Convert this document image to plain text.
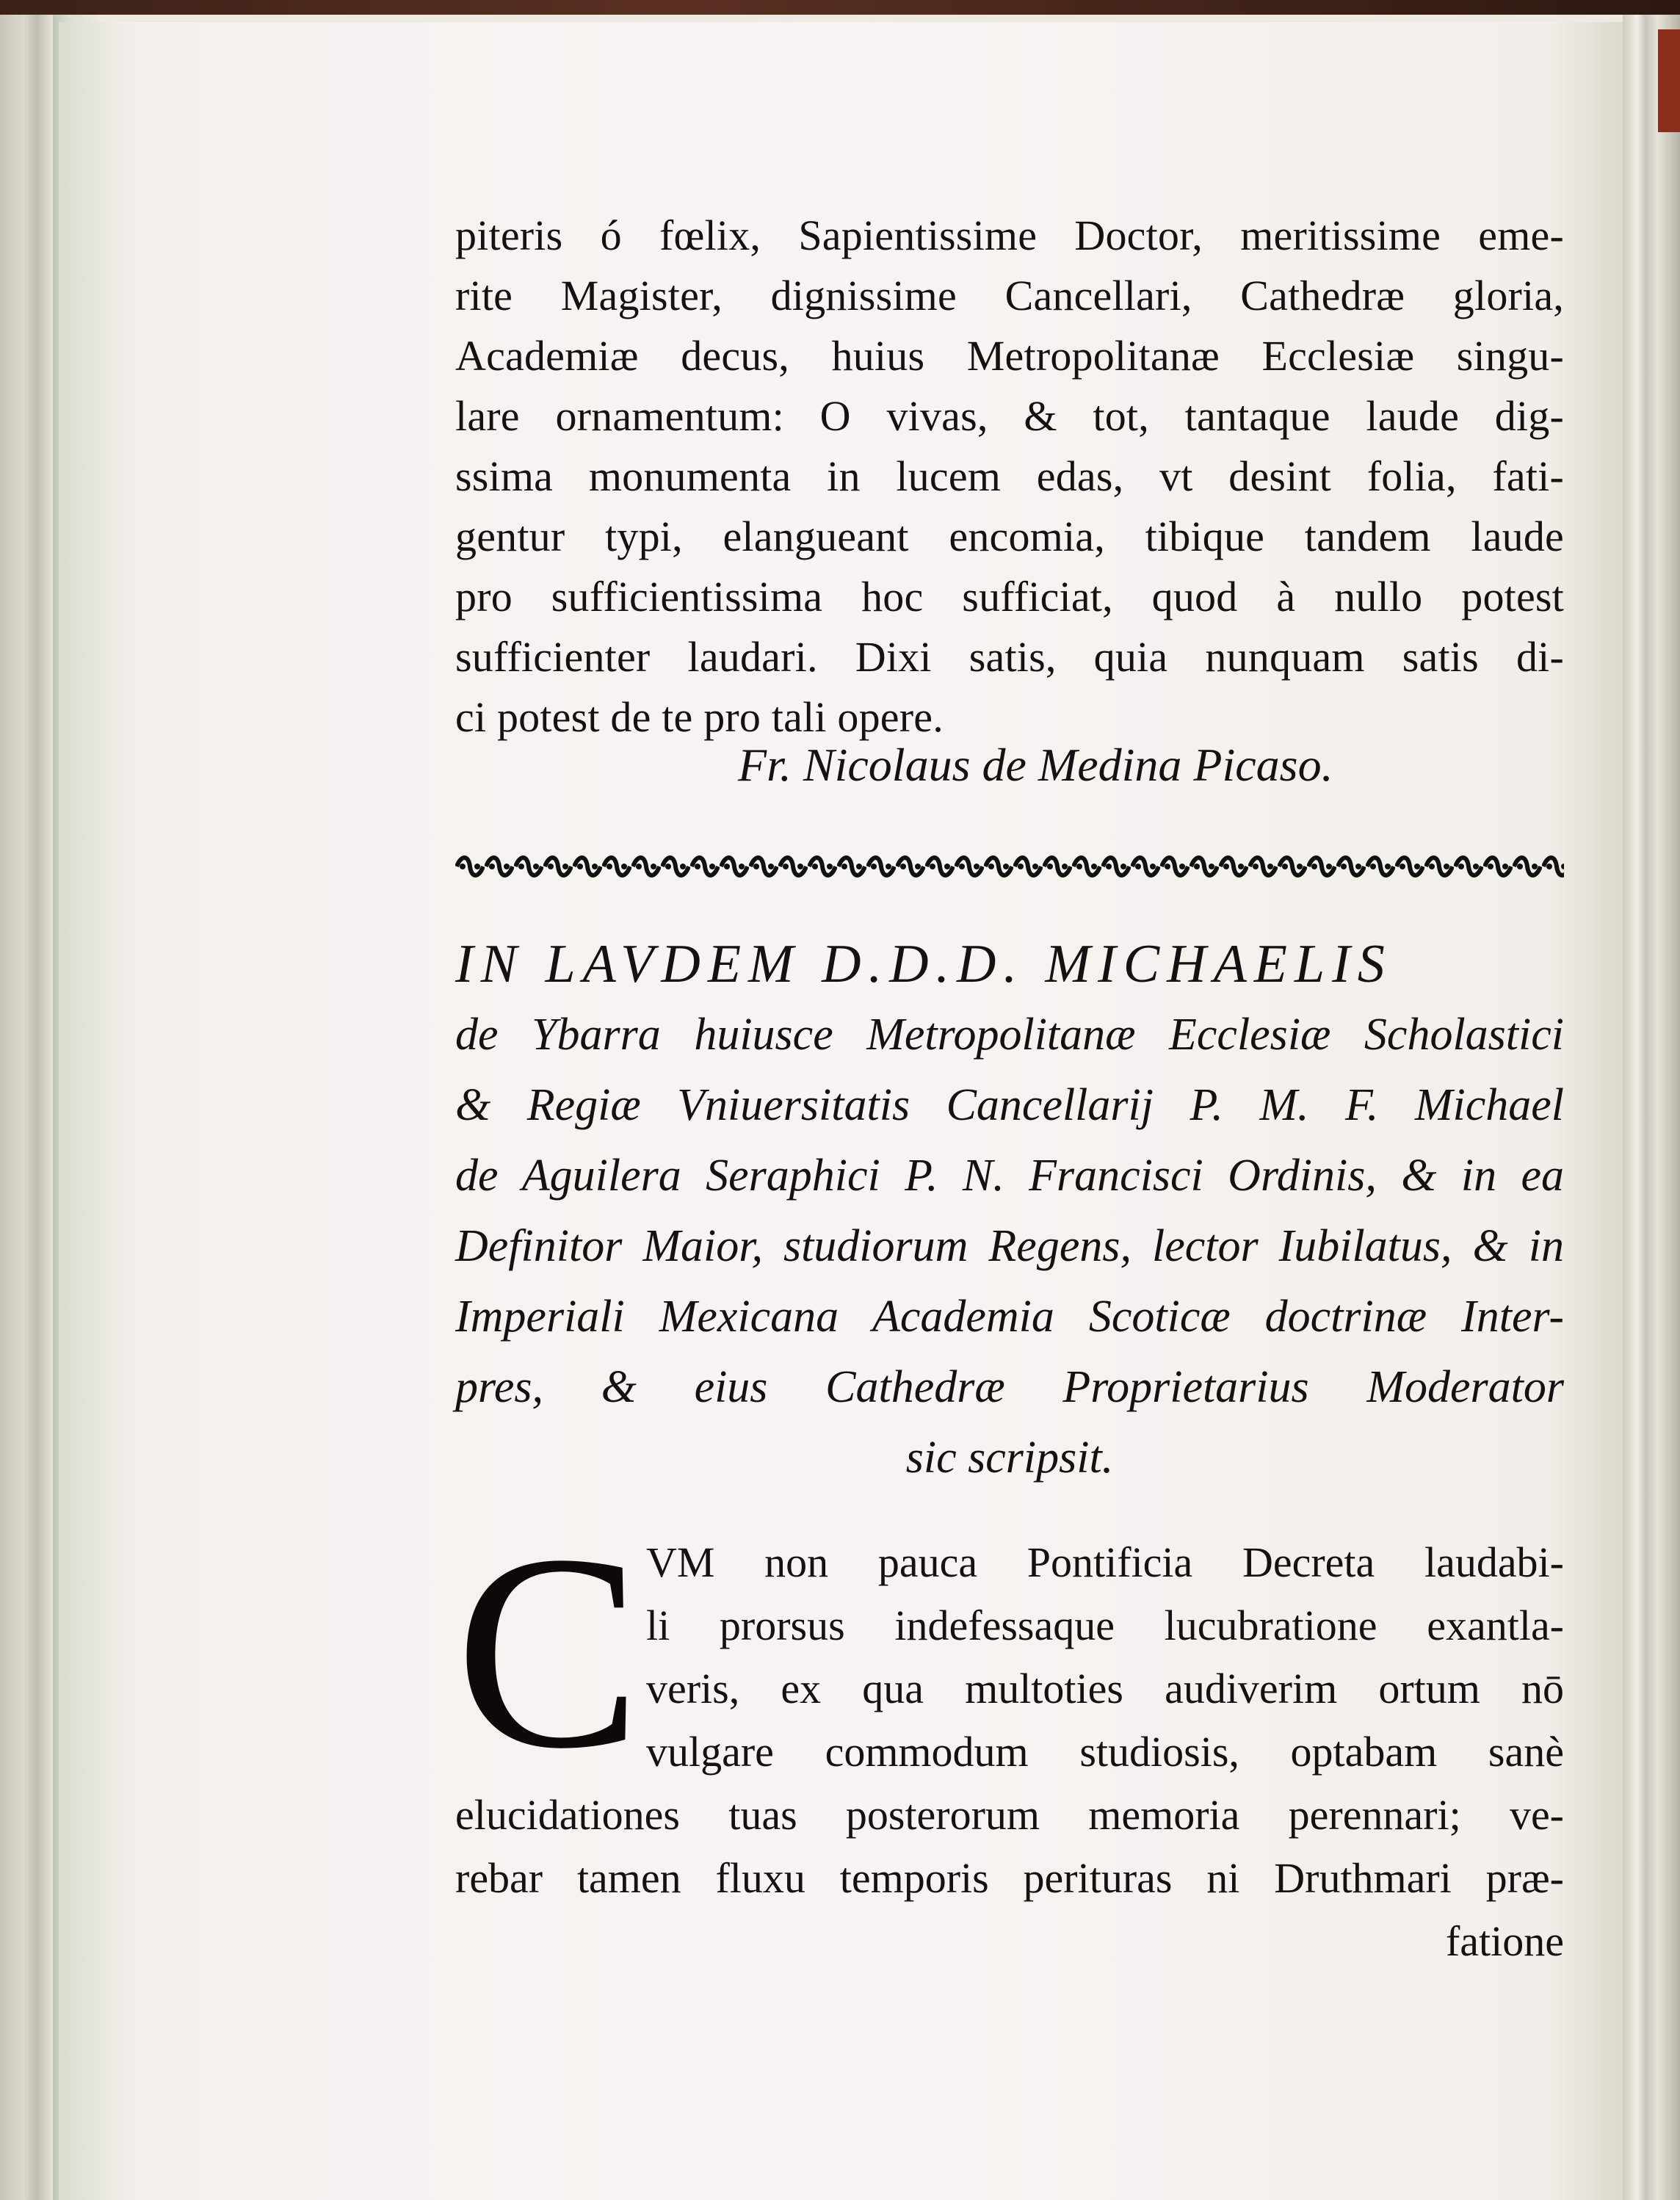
piteris ó fœlix, Sapientissime Doctor, meritissime eme-
rite Magister, dignissime Cancellari, Cathedræ gloria,
Academiæ decus, huius Metropolitanæ Ecclesiæ singu-
lare ornamentum: O vivas, & tot, tantaque laude dig-
ssima monumenta in lucem edas, vt desint folia, fati-
gentur typi, elangueant encomia, tibique tandem laude
pro sufficientissima hoc sufficiat, quod à nullo potest
sufficienter laudari. Dixi satis, quia nunquam satis di-
ci potest de te pro tali opere.
Fr. Nicolaus de Medina Picaso.
IN LAVDEM D.D.D. MICHAELIS
de Ybarra huiusce Metropolitanæ Ecclesiæ Scholastici
& Regiæ Vniuersitatis Cancellarij P. M. F. Michael
de Aguilera Seraphici P. N. Francisci Ordinis, & in ea
Definitor Maior, studiorum Regens, lector Iubilatus, & in
Imperiali Mexicana Academia Scoticæ doctrinæ Inter-
pres, & eius Cathedræ Proprietarius Moderator
sic scripsit.
C VM non pauca Pontificia Decreta laudabi-
li prorsus indefessaque lucubratione exantla-
veris, ex qua multoties audiverim ortum nō
vulgare commodum studiosis, optabam sanè
elucidationes tuas posterorum memoria perennari; ve-
rebar tamen fluxu temporis perituras ni Druthmari præ-
fatione
